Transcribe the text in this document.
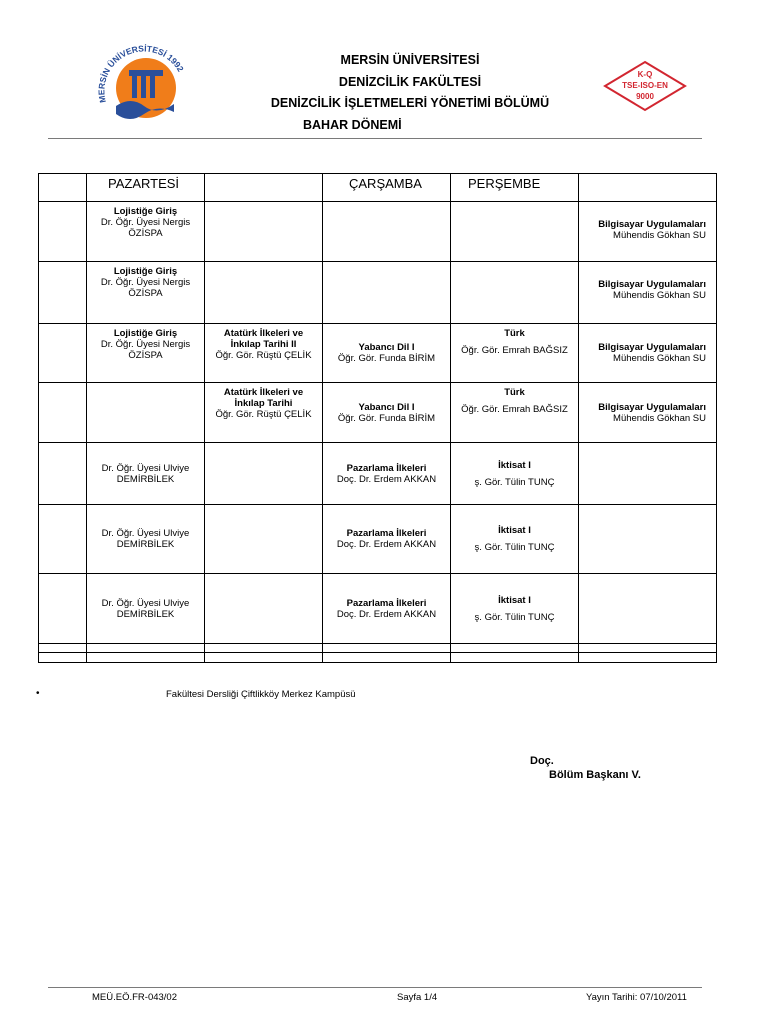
MERSİN ÜNİVERSİTESİ 1992
K-Q
TSE-ISO-EN
9000
MERSİN ÜNİVERSİTESİ
DENİZCİLİK FAKÜLTESİ
DENİZCİLİK İŞLETMELERİ YÖNETİMİ BÖLÜMÜ
BAHAR DÖNEMİ

	PAZARTESİ		ÇARŞAMBA	PERŞEMBE	

	Lojistiğe Giriş
Dr. Öğr. Üyesi Nergis
ÖZİSPA				Bilgisayar Uygulamaları
Mühendis Gökhan SU

	Lojistiğe Giriş
Dr. Öğr. Üyesi Nergis
ÖZİSPA				Bilgisayar Uygulamaları
Mühendis Gökhan SU

	Lojistiğe Giriş
Dr. Öğr. Üyesi Nergis
ÖZİSPA	Atatürk İlkeleri ve
İnkılap Tarihi II
Öğr. Gör. Rüştü ÇELİK	Yabancı Dil I
Öğr. Gör. Funda BİRİM	Türk
Öğr. Gör. Emrah BAĞSIZ	Bilgisayar Uygulamaları
Mühendis Gökhan SU

		Atatürk İlkeleri ve
İnkılap Tarihi
Öğr. Gör. Rüştü ÇELİK	Yabancı Dil I
Öğr. Gör. Funda BİRİM	Türk
Öğr. Gör. Emrah BAĞSIZ	Bilgisayar Uygulamaları
Mühendis Gökhan SU

	Dr. Öğr. Üyesi Ulviye
DEMİRBİLEK		Pazarlama İlkeleri
Doç. Dr. Erdem AKKAN	İktisat I
ş. Gör. Tülin TUNÇ	

	Dr. Öğr. Üyesi Ulviye
DEMİRBİLEK		Pazarlama İlkeleri
Doç. Dr. Erdem AKKAN	İktisat I
ş. Gör. Tülin TUNÇ	

	Dr. Öğr. Üyesi Ulviye
DEMİRBİLEK		Pazarlama İlkeleri
Doç. Dr. Erdem AKKAN	İktisat I
ş. Gör. Tülin TUNÇ	

•	Fakültesi Dersliği Çiftlikköy Merkez Kampüsü
Doç.
Bölüm Başkanı V.
MEÜ.EÖ.FR-043/02	Sayfa 1/4	Yayın Tarihi: 07/10/2011
